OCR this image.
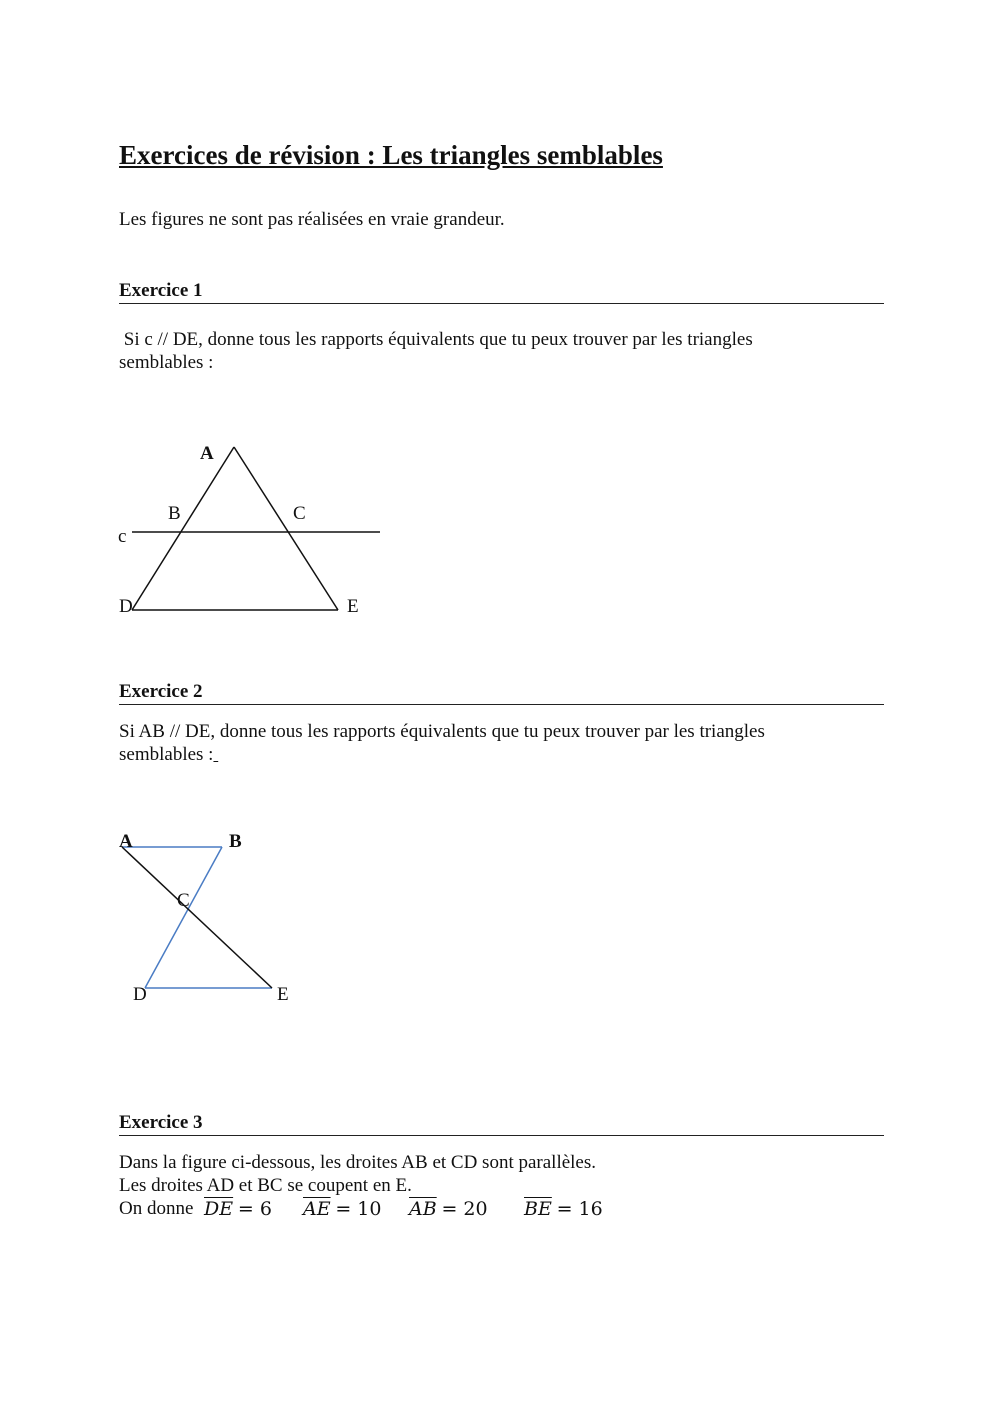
Exercices de révision : Les triangles semblables
Les figures ne sont pas réalisées en vraie grandeur.
Exercice 1
Si c // DE, donne tous les rapports équivalents que tu peux trouver par les triangles
semblables :
A
B	C
c
D	E
Exercice 2
Si AB // DE, donne tous les rapports équivalents que tu peux trouver par les triangles
semblables :
A	B
C
D	E
Exercice 3
Dans la figure ci-dessous, les droites AB et CD sont parallèles.
Les droites AD et BC se coupent en E.
On donne $\overline{DE} = 6$ $\overline{AE} = 10$ $\overline{AB} = 20$ $\overline{BE} = 16$
